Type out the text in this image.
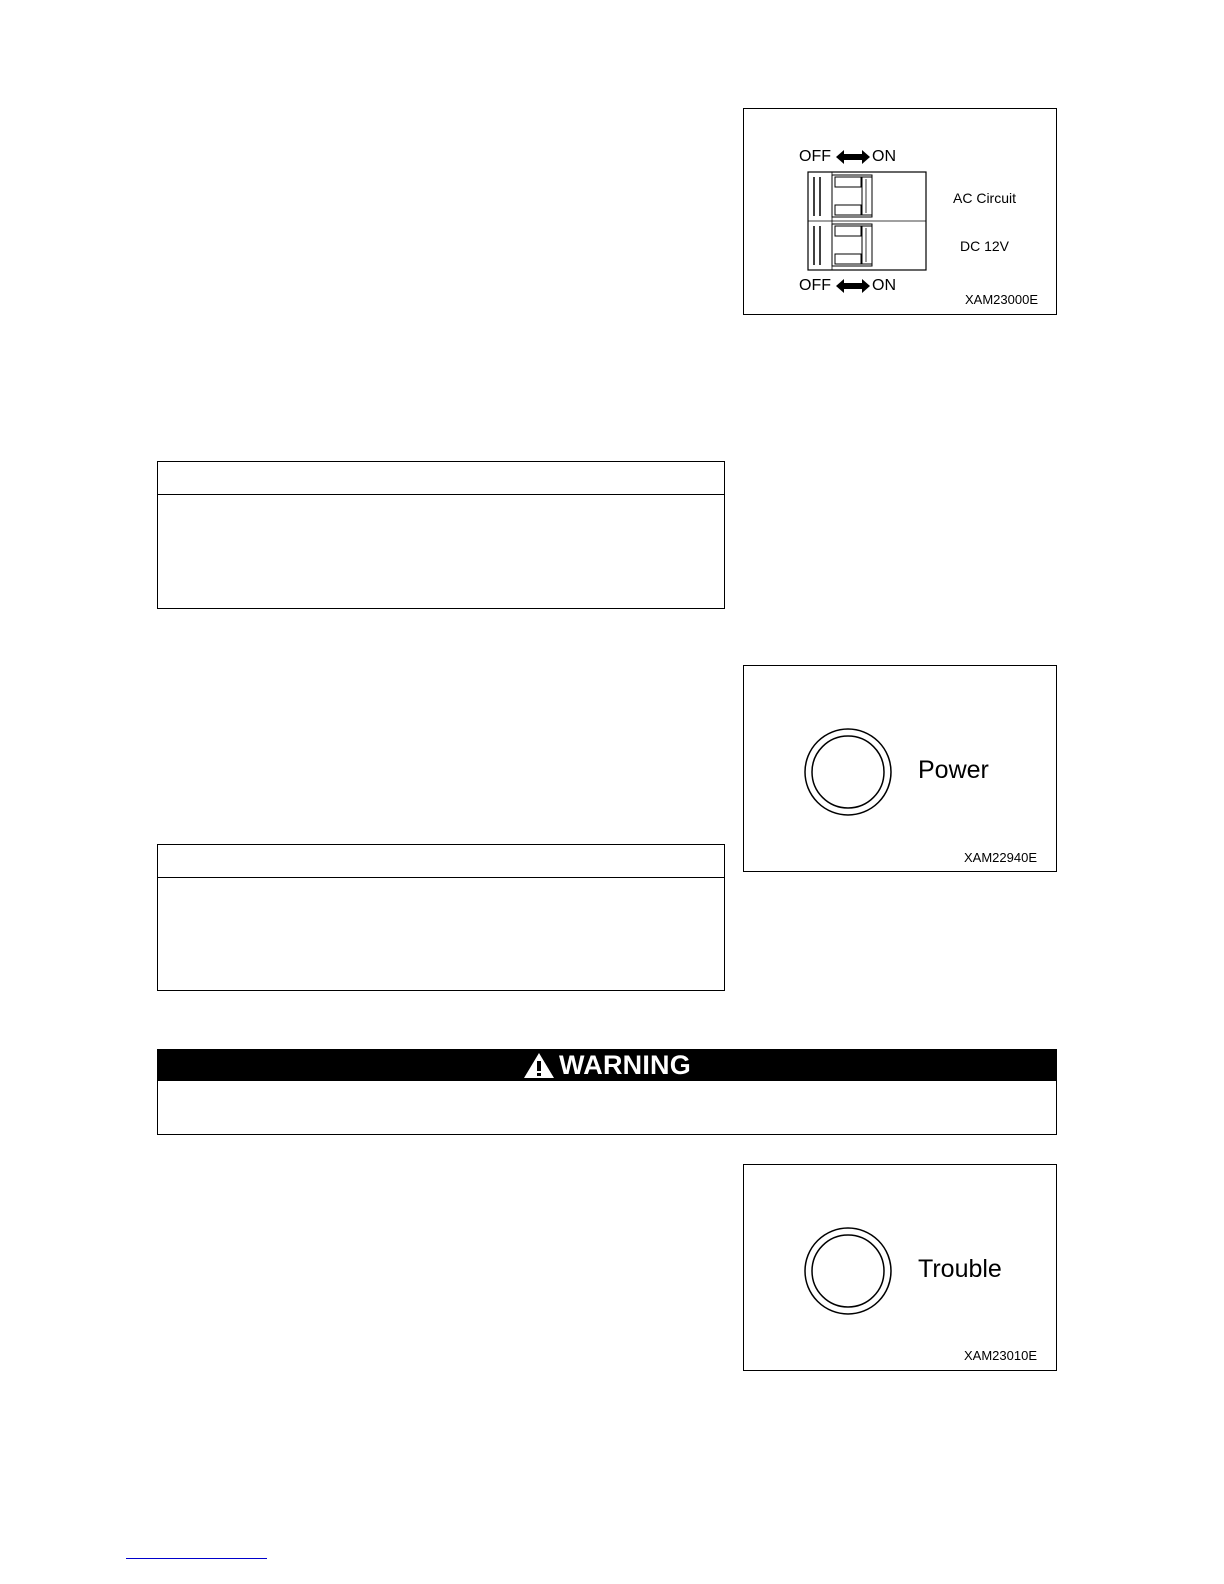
OFF	ON
OFF	ON
AC Circuit
DC 12V
XAM23000E
Power
XAM22940E
WARNING
Trouble
XAM23010E
